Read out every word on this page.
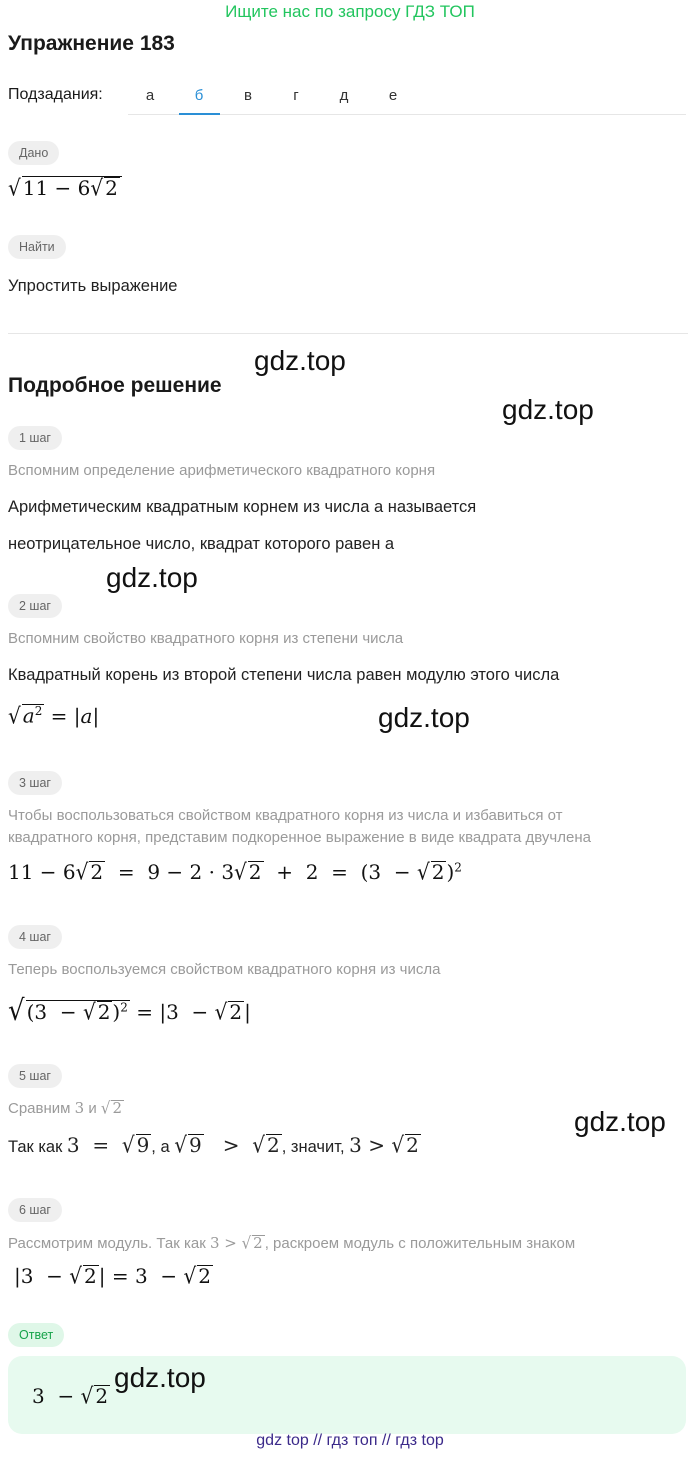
Ищите нас по запросу ГДЗ ТОП
Упражнение 183
Подзадания:	а	б	в	г	д	е
Дано
√ 11 − 6√ 2
Найти
Упростить выражение
Подробное решение
gdz.top
gdz.top
1 шаг
Вспомним определение арифметического квадратного корня
Арифметическим квадратным корнем из числа a называется
неотрицательное число, квадрат которого равен a
gdz.top
2 шаг
Вспомним свойство квадратного корня из степени числа
Квадратный корень из второй степени числа равен модулю этого числа
√ $a^2 = |a|$	gdz.top
3 шаг
Чтобы воспользоваться свойством квадратного корня из числа и избавиться от
квадратного корня, представим подкоренное выражение в виде квадрата двучлена
11 − 6√ 2  =  9 − 2 · 3√ 2  +  2  =  (3  − √ 2 )$^2$
4 шаг
Теперь воспользуемся свойством квадратного корня из числа
√ (3  − √ 2 )$^2$ = |3  − √ 2 |
5 шаг
Сравним 3 и √ 2
Так как 3  =  √ 9 , а √ 9   >  √ 2 , значит, 3 > √ 2
gdz.top
6 шаг
Рассмотрим модуль. Так как 3 > √ 2 , раскроем модуль с положительным знаком
|3  − √ 2 | = 3  − √ 2
Ответ
3  − √ 2
gdz.top
gdz top // гдз топ // гдз top
